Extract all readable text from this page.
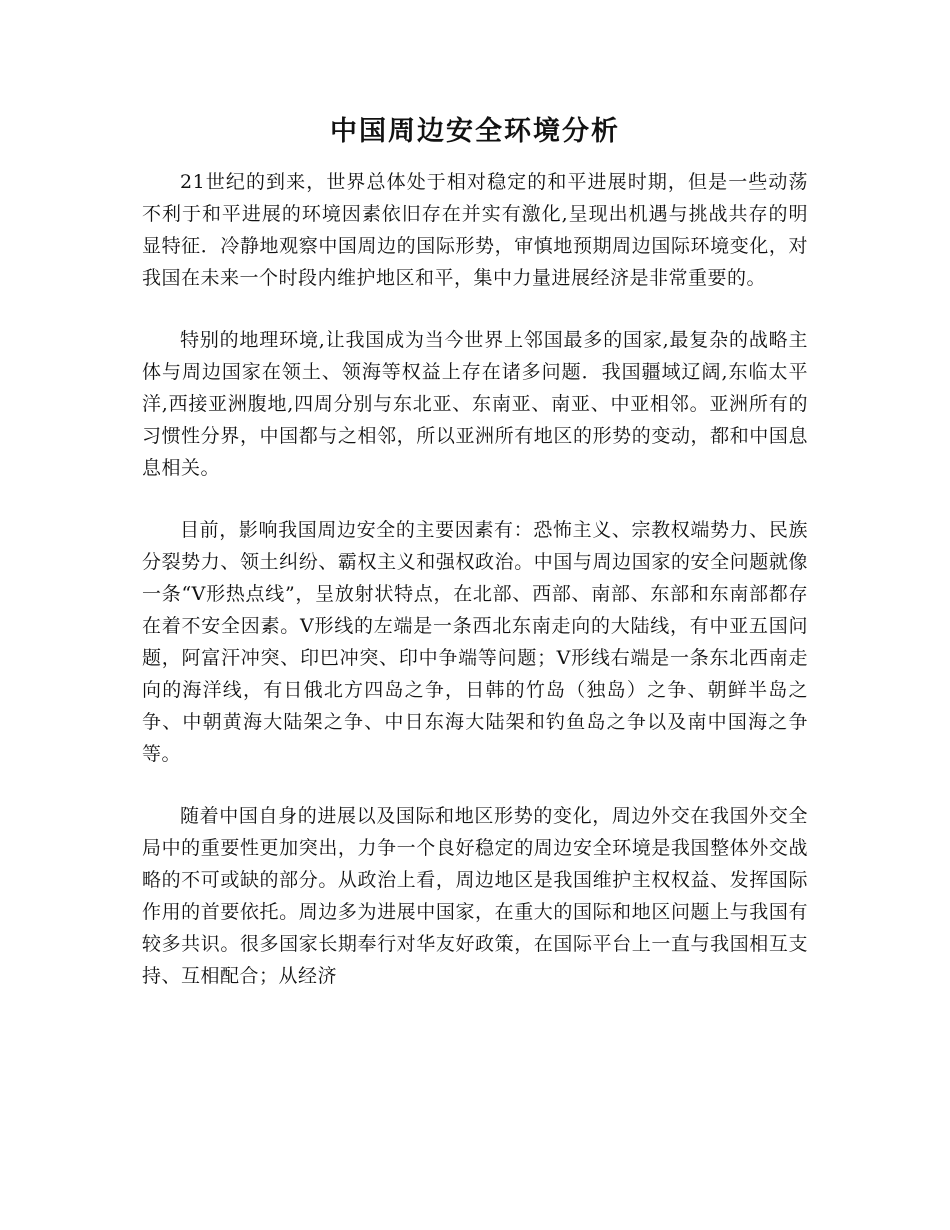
中国周边安全环境分析

21世纪的到来，世界总体处于相对稳定的和平进展时期，但是一些动荡不利于和平进展的环境因素依旧存在并实有激化,呈现出机遇与挑战共存的明显特征．冷静地观察中国周边的国际形势，审慎地预期周边国际环境变化，对我国在未来一个时段内维护地区和平，集中力量进展经济是非常重要的。

特别的地理环境,让我国成为当今世界上邻国最多的国家,最复杂的战略主体与周边国家在领土、领海等权益上存在诸多问题．我国疆域辽阔,东临太平洋,西接亚洲腹地,四周分别与东北亚、东南亚、南亚、中亚相邻。亚洲所有的习惯性分界，中国都与之相邻，所以亚洲所有地区的形势的变动，都和中国息息相关。

目前，影响我国周边安全的主要因素有：恐怖主义、宗教权端势力、民族分裂势力、领土纠纷、霸权主义和强权政治。中国与周边国家的安全问题就像一条“V形热点线”，呈放射状特点，在北部、西部、南部、东部和东南部都存在着不安全因素。V形线的左端是一条西北东南走向的大陆线，有中亚五国问题，阿富汗冲突、印巴冲突、印中争端等问题；V形线右端是一条东北西南走向的海洋线，有日俄北方四岛之争，日韩的竹岛（独岛）之争、朝鲜半岛之争、中朝黄海大陆架之争、中日东海大陆架和钓鱼岛之争以及南中国海之争等。

随着中国自身的进展以及国际和地区形势的变化，周边外交在我国外交全局中的重要性更加突出，力争一个良好稳定的周边安全环境是我国整体外交战略的不可或缺的部分。从政治上看，周边地区是我国维护主权权益、发挥国际作用的首要依托。周边多为进展中国家，在重大的国际和地区问题上与我国有较多共识。很多国家长期奉行对华友好政策，在国际平台上一直与我国相互支持、互相配合；从经济
